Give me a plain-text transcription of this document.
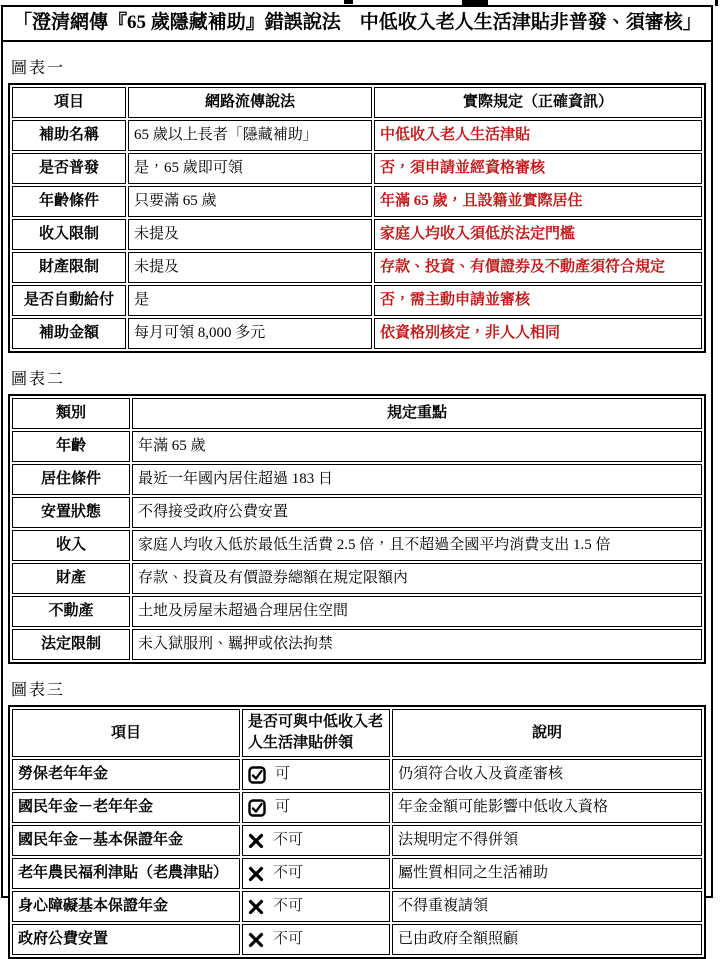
「澄清網傳『65 歲隱藏補助』錯誤說法　中低收入老人生活津貼非普發、須審核」
圖表一
項目	網路流傳說法	實際規定（正確資訊）
補助名稱	65 歲以上長者「隱藏補助」	中低收入老人生活津貼
是否普發	是，65 歲即可領	否，須申請並經資格審核
年齡條件	只要滿 65 歲	年滿 65 歲，且設籍並實際居住
收入限制	未提及	家庭人均收入須低於法定門檻
財產限制	未提及	存款、投資、有價證券及不動產須符合規定
是否自動給付	是	否，需主動申請並審核
補助金額	每月可領 8,000 多元	依資格別核定，非人人相同
圖表二
類別	規定重點
年齡	年滿 65 歲
居住條件	最近一年國內居住超過 183 日
安置狀態	不得接受政府公費安置
收入	家庭人均收入低於最低生活費 2.5 倍，且不超過全國平均消費支出 1.5 倍
財產	存款、投資及有價證券總額在規定限額內
不動產	土地及房屋未超過合理居住空間
法定限制	未入獄服刑、羈押或依法拘禁
圖表三
項目	是否可與中低收入老人生活津貼併領	說明
勞保老年年金	可	仍須符合收入及資產審核
國民年金－老年年金	可	年金金額可能影響中低收入資格
國民年金－基本保證年金	不可	法規明定不得併領
老年農民福利津貼（老農津貼）	不可	屬性質相同之生活補助
身心障礙基本保證年金	不可	不得重複請領
政府公費安置	不可	已由政府全額照顧
